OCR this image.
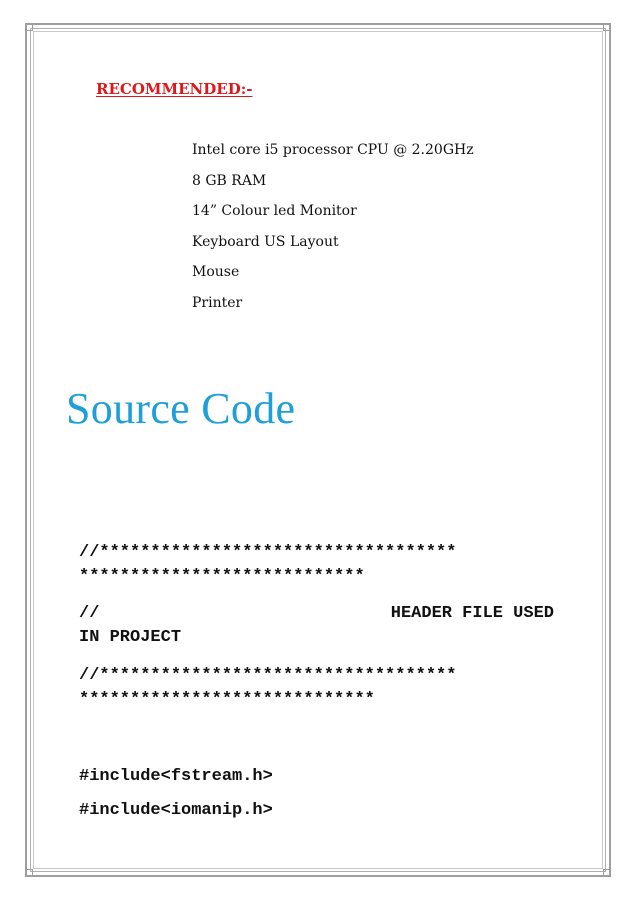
RECOMMENDED:-
Intel core i5 processor CPU @ 2.20GHz
8 GB RAM
14” Colour led Monitor
Keyboard US Layout
Mouse
Printer
Source Code
//***********************************
****************************
//	HEADER FILE USED
IN PROJECT
//***********************************
*****************************
#include<fstream.h>
#include<iomanip.h>
